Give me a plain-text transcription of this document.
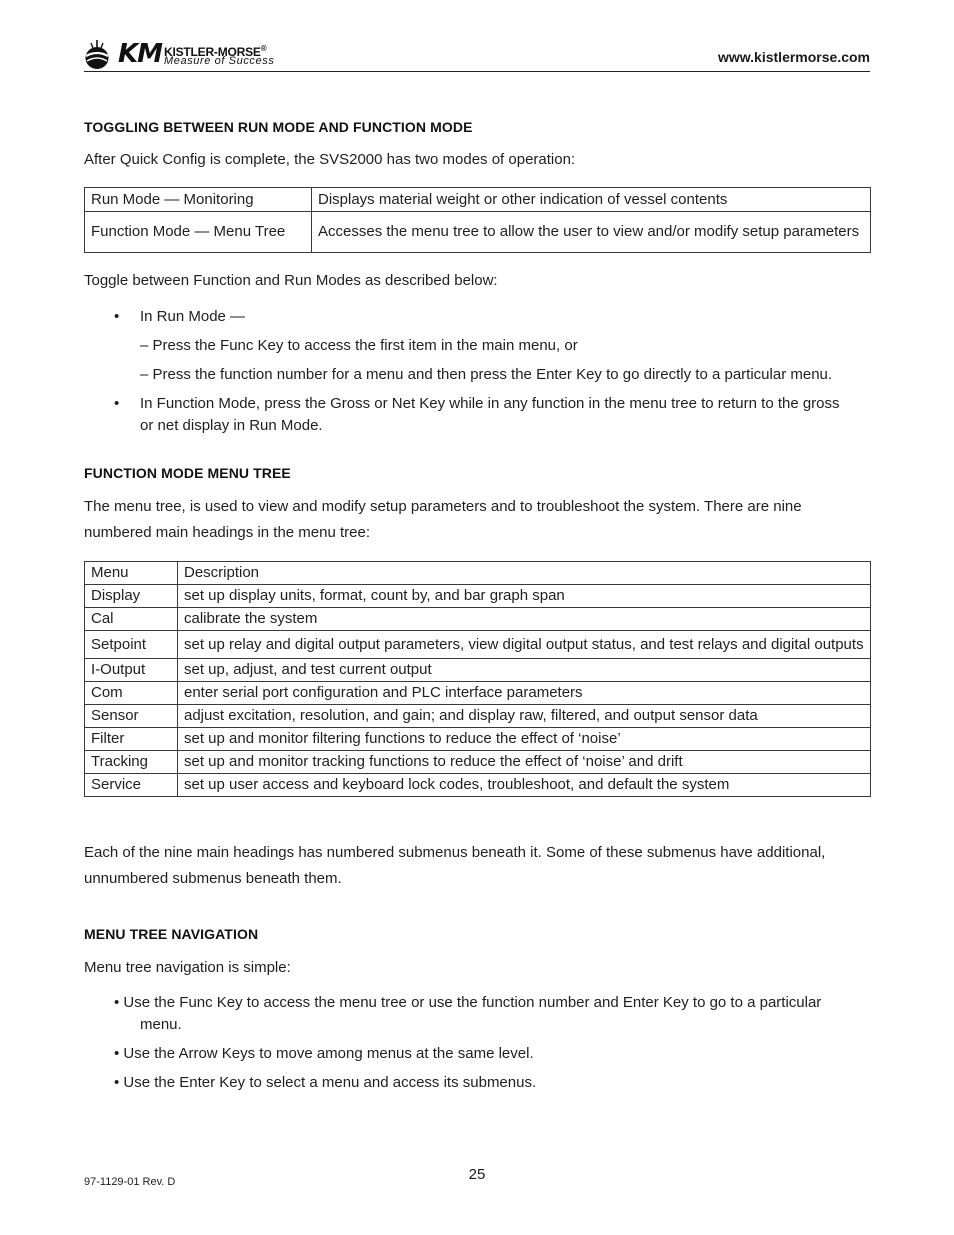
KM KISTLER-MORSE®
Measure of Success	www.kistlermorse.com
TOGGLING BETWEEN RUN MODE AND FUNCTION MODE
After Quick Config is complete, the SVS2000 has two modes of operation:
Run Mode — Monitoring	Displays material weight or other indication of vessel contents
Function Mode — Menu Tree	Accesses the menu tree to allow the user to view and/or modify setup parameters
Toggle between Function and Run Modes as described below:
• In Run Mode —
– Press the Func Key to access the first item in the main menu, or
– Press the function number for a menu and then press the Enter Key to go directly to a particular menu.
• In Function Mode, press the Gross or Net Key while in any function in the menu tree to return to the gross or net display in Run Mode.
FUNCTION MODE MENU TREE
The menu tree, is used to view and modify setup parameters and to troubleshoot the system. There are nine numbered main headings in the menu tree:
Menu	Description
Display	set up display units, format, count by, and bar graph span
Cal	calibrate the system
Setpoint	set up relay and digital output parameters, view digital output status, and test relays and digital outputs
I-Output	set up, adjust, and test current output
Com	enter serial port configuration and PLC interface parameters
Sensor	adjust excitation, resolution, and gain; and display raw, filtered, and output sensor data
Filter	set up and monitor filtering functions to reduce the effect of ‘noise’
Tracking	set up and monitor tracking functions to reduce the effect of ‘noise’ and drift
Service	set up user access and keyboard lock codes, troubleshoot, and default the system
Each of the nine main headings has numbered submenus beneath it. Some of these submenus have additional, unnumbered submenus beneath them.
MENU TREE NAVIGATION
Menu tree navigation is simple:
• Use the Func Key to access the menu tree or use the function number and Enter Key to go to a particular menu.
• Use the Arrow Keys to move among menus at the same level.
• Use the Enter Key to select a menu and access its submenus.
25
97-1129-01 Rev. D
